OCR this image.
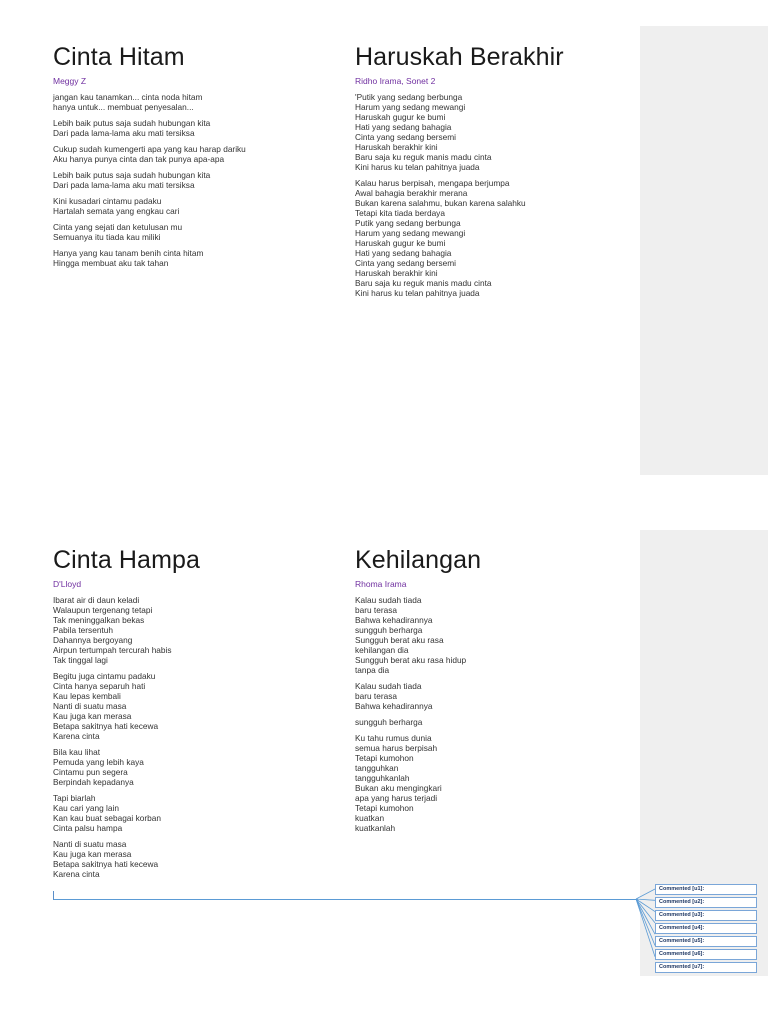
Cinta Hitam
Meggy Z
jangan kau tanamkan... cinta noda hitam
hanya untuk... membuat penyesalan...
Lebih baik putus saja sudah hubungan kita
Dari pada lama-lama aku mati tersiksa
Cukup sudah kumengerti apa yang kau harap dariku
Aku hanya punya cinta dan tak punya apa-apa
Lebih baik putus saja sudah hubungan kita
Dari pada lama-lama aku mati tersiksa
Kini kusadari cintamu padaku
Hartalah semata yang engkau cari
Cinta yang sejati dan ketulusan mu
Semuanya itu tiada kau miliki
Hanya yang kau tanam benih cinta hitam
Hingga membuat aku tak tahan
Haruskah Berakhir
Ridho Irama, Sonet 2
'Putik yang sedang berbunga
Harum yang sedang mewangi
Haruskah gugur ke bumi
Hati yang sedang bahagia
Cinta yang sedang bersemi
Haruskah berakhir kini
Baru saja ku reguk manis madu cinta
Kini harus ku telan pahitnya juada
Kalau harus berpisah, mengapa berjumpa
Awal bahagia berakhir merana
Bukan karena salahmu, bukan karena salahku
Tetapi kita tiada berdaya
Putik yang sedang berbunga
Harum yang sedang mewangi
Haruskah gugur ke bumi
Hati yang sedang bahagia
Cinta yang sedang bersemi
Haruskah berakhir kini
Baru saja ku reguk manis madu cinta
Kini harus ku telan pahitnya juada
Cinta Hampa
D'Lloyd
Ibarat air di daun keladi
Walaupun tergenang tetapi
Tak meninggalkan bekas
Pabila tersentuh
Dahannya bergoyang
Airpun tertumpah tercurah habis
Tak tinggal lagi
Begitu juga cintamu padaku
Cinta hanya separuh hati
Kau lepas kembali
Nanti di suatu masa
Kau juga kan merasa
Betapa sakitnya hati kecewa
Karena cinta
Bila kau lihat
Pemuda yang lebih kaya
Cintamu pun segera
Berpindah kepadanya
Tapi biarlah
Kau cari yang lain
Kan kau buat sebagai korban
Cinta palsu hampa
Nanti di suatu masa
Kau juga kan merasa
Betapa sakitnya hati kecewa
Karena cinta
Kehilangan
Rhoma Irama
Kalau sudah tiada
baru terasa
Bahwa kehadirannya
sungguh berharga
Sungguh berat aku rasa
kehilangan dia
Sungguh berat aku rasa hidup
tanpa dia
Kalau sudah tiada
baru terasa
Bahwa kehadirannya
sungguh berharga
Ku tahu rumus dunia
semua harus berpisah
Tetapi kumohon
tangguhkan
tangguhkanlah
Bukan aku mengingkari
apa yang harus terjadi
Tetapi kumohon
kuatkan
kuatkanlah
Commented [u1]:
Commented [u2]:
Commented [u3]:
Commented [u4]:
Commented [u5]:
Commented [u6]:
Commented [u7]:
